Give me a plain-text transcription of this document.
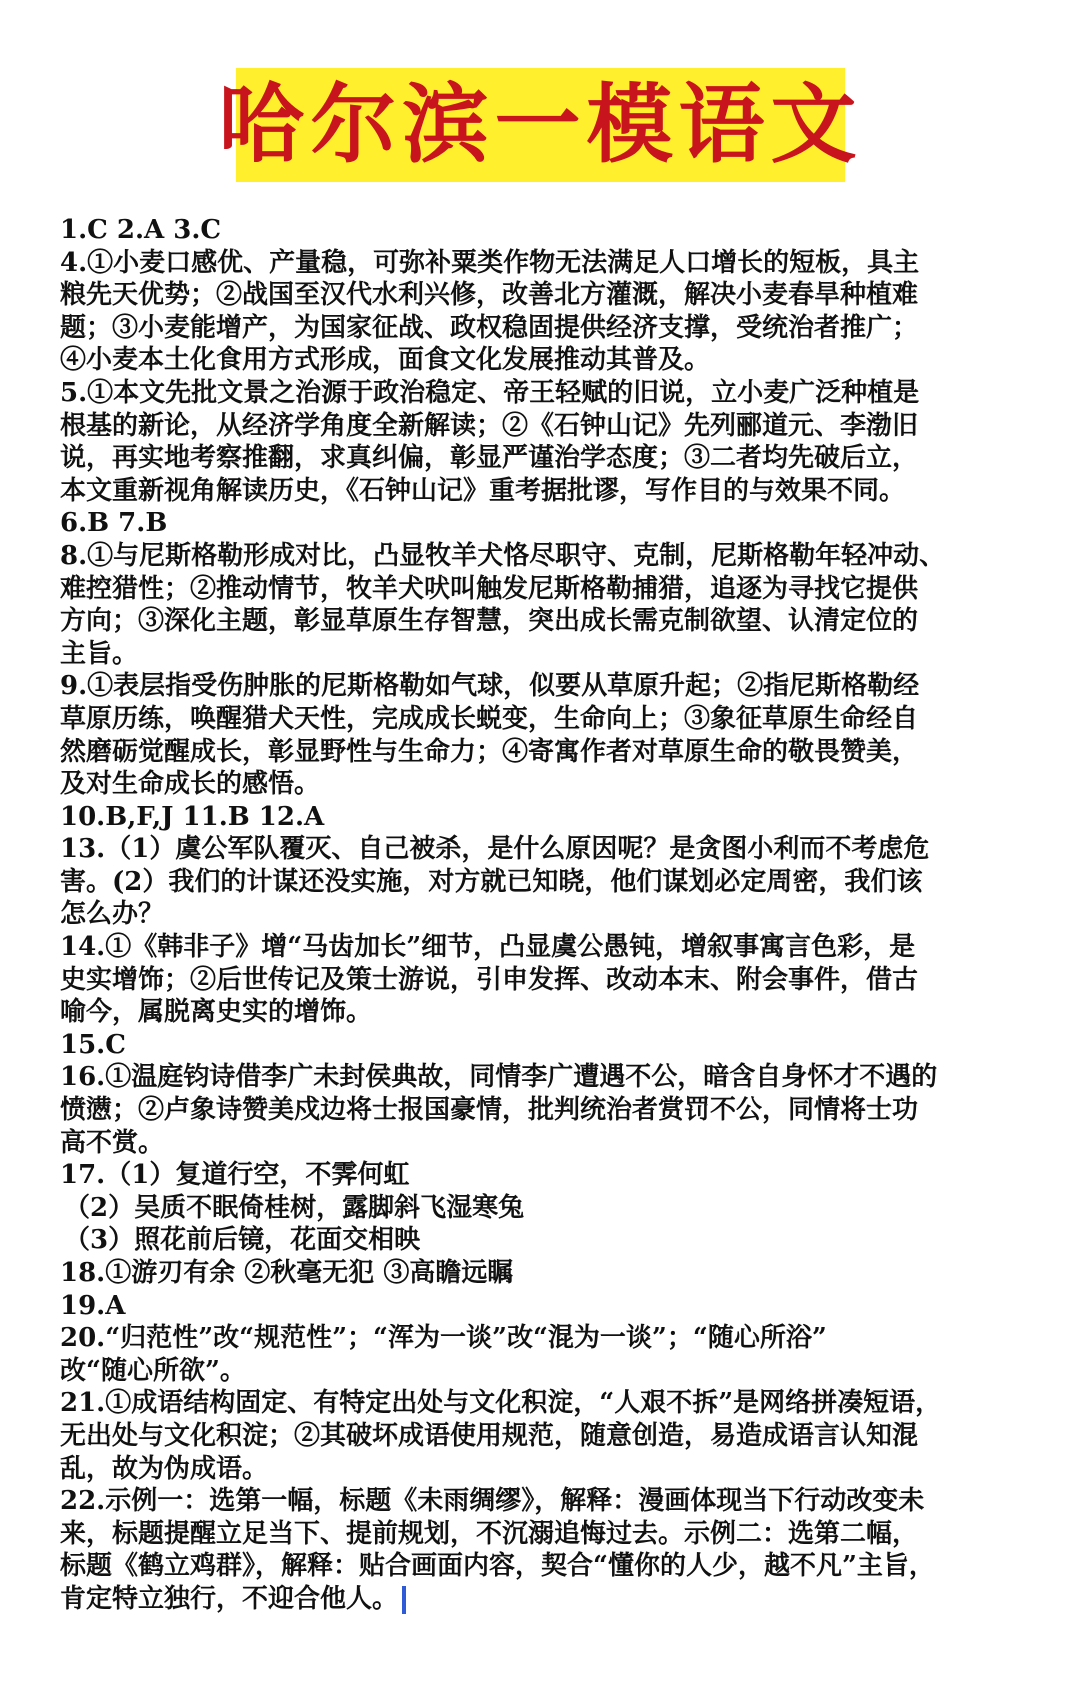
哈尔滨一模语文
1.C 2.A 3.C
4.①小麦口感优、产量稳，可弥补粟类作物无法满足人口增长的短板，具主
粮先天优势；②战国至汉代水利兴修，改善北方灌溉，解决小麦春旱种植难
题；③小麦能增产，为国家征战、政权稳固提供经济支撑，受统治者推广；
④小麦本土化食用方式形成，面食文化发展推动其普及。
5.①本文先批文景之治源于政治稳定、帝王轻赋的旧说，立小麦广泛种植是
根基的新论，从经济学角度全新解读；②《石钟山记》先列郦道元、李渤旧
说，再实地考察推翻，求真纠偏，彰显严谨治学态度；③二者均先破后立，
本文重新视角解读历史，《石钟山记》重考据批谬，写作目的与效果不同。
6.B 7.B
8.①与尼斯格勒形成对比，凸显牧羊犬恪尽职守、克制，尼斯格勒年轻冲动、
难控猎性；②推动情节，牧羊犬吠叫触发尼斯格勒捕猎，追逐为寻找它提供
方向；③深化主题，彰显草原生存智慧，突出成长需克制欲望、认清定位的
主旨。
9.①表层指受伤肿胀的尼斯格勒如气球，似要从草原升起；②指尼斯格勒经
草原历练，唤醒猎犬天性，完成成长蜕变，生命向上；③象征草原生命经自
然磨砺觉醒成长，彰显野性与生命力；④寄寓作者对草原生命的敬畏赞美，
及对生命成长的感悟。
10.B,F,J 11.B 12.A
13.（1）虞公军队覆灭、自己被杀，是什么原因呢？是贪图小利而不考虑危
害。(2）我们的计谋还没实施，对方就已知晓，他们谋划必定周密，我们该
怎么办？
14.①《韩非子》增“马齿加长”细节，凸显虞公愚钝，增叙事寓言色彩，是
史实增饰；②后世传记及策士游说，引申发挥、改动本末、附会事件，借古
喻今，属脱离史实的增饰。
15.C
16.①温庭钧诗借李广未封侯典故，同情李广遭遇不公，暗含自身怀才不遇的
愤懑；②卢象诗赞美戍边将士报国豪情，批判统治者赏罚不公，同情将士功
高不赏。
17.（1）复道行空，不霁何虹
（2）吴质不眠倚桂树，露脚斜飞湿寒兔
（3）照花前后镜，花面交相映
18.①游刃有余 ②秋毫无犯 ③高瞻远瞩
19.A
20.“归范性”改“规范性”；“浑为一谈”改“混为一谈”；“随心所浴”
改“随心所欲”。
21.①成语结构固定、有特定出处与文化积淀，“人艰不拆”是网络拼凑短语，
无出处与文化积淀；②其破坏成语使用规范，随意创造，易造成语言认知混
乱，故为伪成语。
22.示例一：选第一幅，标题《未雨绸缪》，解释：漫画体现当下行动改变未
来，标题提醒立足当下、提前规划，不沉溺追悔过去。示例二：选第二幅，
标题《鹤立鸡群》，解释：贴合画面内容，契合“懂你的人少，越不凡”主旨，
肯定特立独行，不迎合他人。
